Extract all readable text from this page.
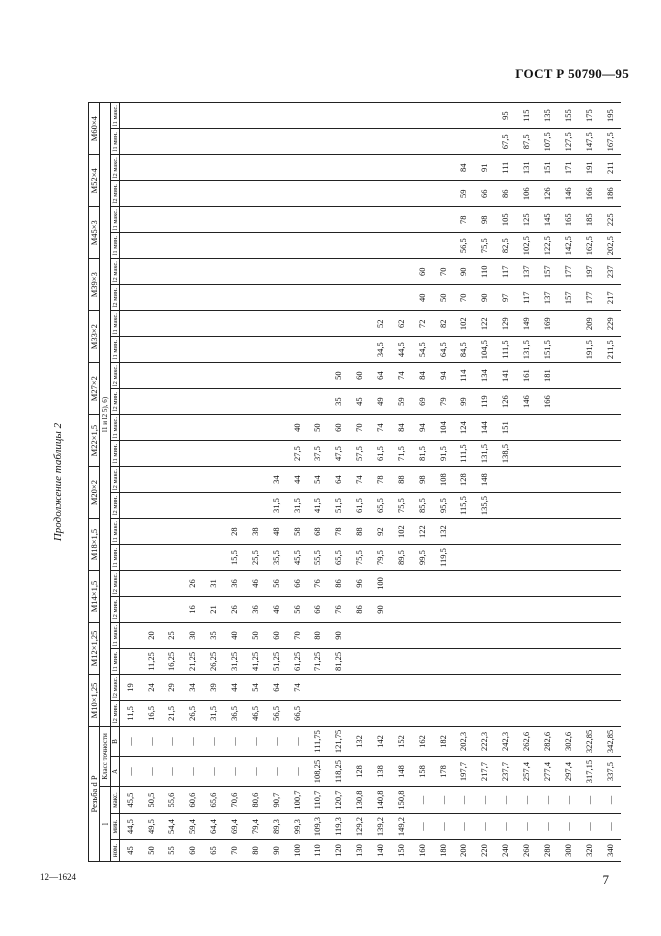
ГОСТ Р 50790—95
Продолжение таблицы 2
Резьба d P					M10×1,25		M12×1,25		M14×1,5		M18×1,5		M20×2		M22×1,5		M27×2		M33×2		M39×3		M45×3		M52×4		M60×4	
l			Класс точности		l1 и l2 5), 6)																							
ном.	мин.	макс.	А	В	l2 мин.	l2 макс.	l1 мин.	l1 макс.	l2 мин.	l2 макс.	l1 мин.	l1 макс.	l2 мин.	l2 макс.	l1 мин.	l1 макс.	l2 мин.	l2 макс.	l1 мин.	l1 макс.	l2 мин.	l2 макс.	l1 мин.	l1 макс.	l2 мин.	l2 макс.	l1 мин.	l1 макс.
45	44,5	45,5	—	—	11,5	19																						
50	49,5	50,5	—	—	16,5	24	11,25	20																				
55	54,4	55,6	—	—	21,5	29	16,25	25																				
60	59,4	60,6	—	—	26,5	34	21,25	30	16	26																		
65	64,4	65,6	—	—	31,5	39	26,25	35	21	31																		
70	69,4	70,6	—	—	36,5	44	31,25	40	26	36	15,5	28																
80	79,4	80,6	—	—	46,5	54	41,25	50	36	46	25,5	38																
90	89,3	90,7	—	—	56,5	64	51,25	60	46	56	35,5	48	31,5	34														
100	99,3	100,7	—	—	66,5	74	61,25	70	56	66	45,5	58	31,5	44	27,5	40												
110	109,3	110,7	108,25	111,75			71,25	80	66	76	55,5	68	41,5	54	37,5	50												
120	119,3	120,7	118,25	121,75			81,25	90	76	86	65,5	78	51,5	64	47,5	60	35	50										
130	129,2	130,8	128	132					86	96	75,5	88	61,5	74	57,5	70	45	60										
140	139,2	140,8	138	142					90	100	79,5	92	65,5	78	61,5	74	49	64	34,5	52								
150	149,2	150,8	148	152							89,5	102	75,5	88	71,5	84	59	74	44,5	62								
160	—	—	158	162							99,5	122	85,5	98	81,5	94	69	84	54,5	72	40	60						
180	—	—	178	182							119,5	132	95,5	108	91,5	104	79	94	64,5	82	50	70						
200	—	—	197,7	202,3									115,5	128	111,5	124	99	114	84,5	102	70	90	56,5	78	59	84		
220	—	—	217,7	222,3									135,5	148	131,5	144	119	134	104,5	122	90	110	75,5	98	66	91		
240	—	—	237,7	242,3											138,5	151	126	141	111,5	129	97	117	82,5	105	86	111	67,5	95
260	—	—	257,4	262,6													146	161	131,5	149	117	137	102,5	125	106	131	87,5	115
280	—	—	277,4	282,6													166	181	151,5	169	137	157	122,5	145	126	151	107,5	135
300	—	—	297,4	302,6																	157	177	142,5	165	146	171	127,5	155
320	—	—	317,15	322,85															191,5	209	177	197	162,5	185	166	191	147,5	175
340	—	—	337,5	342,85															211,5	229	217	237	202,5	225	186	211	167,5	195
12—1624	7
